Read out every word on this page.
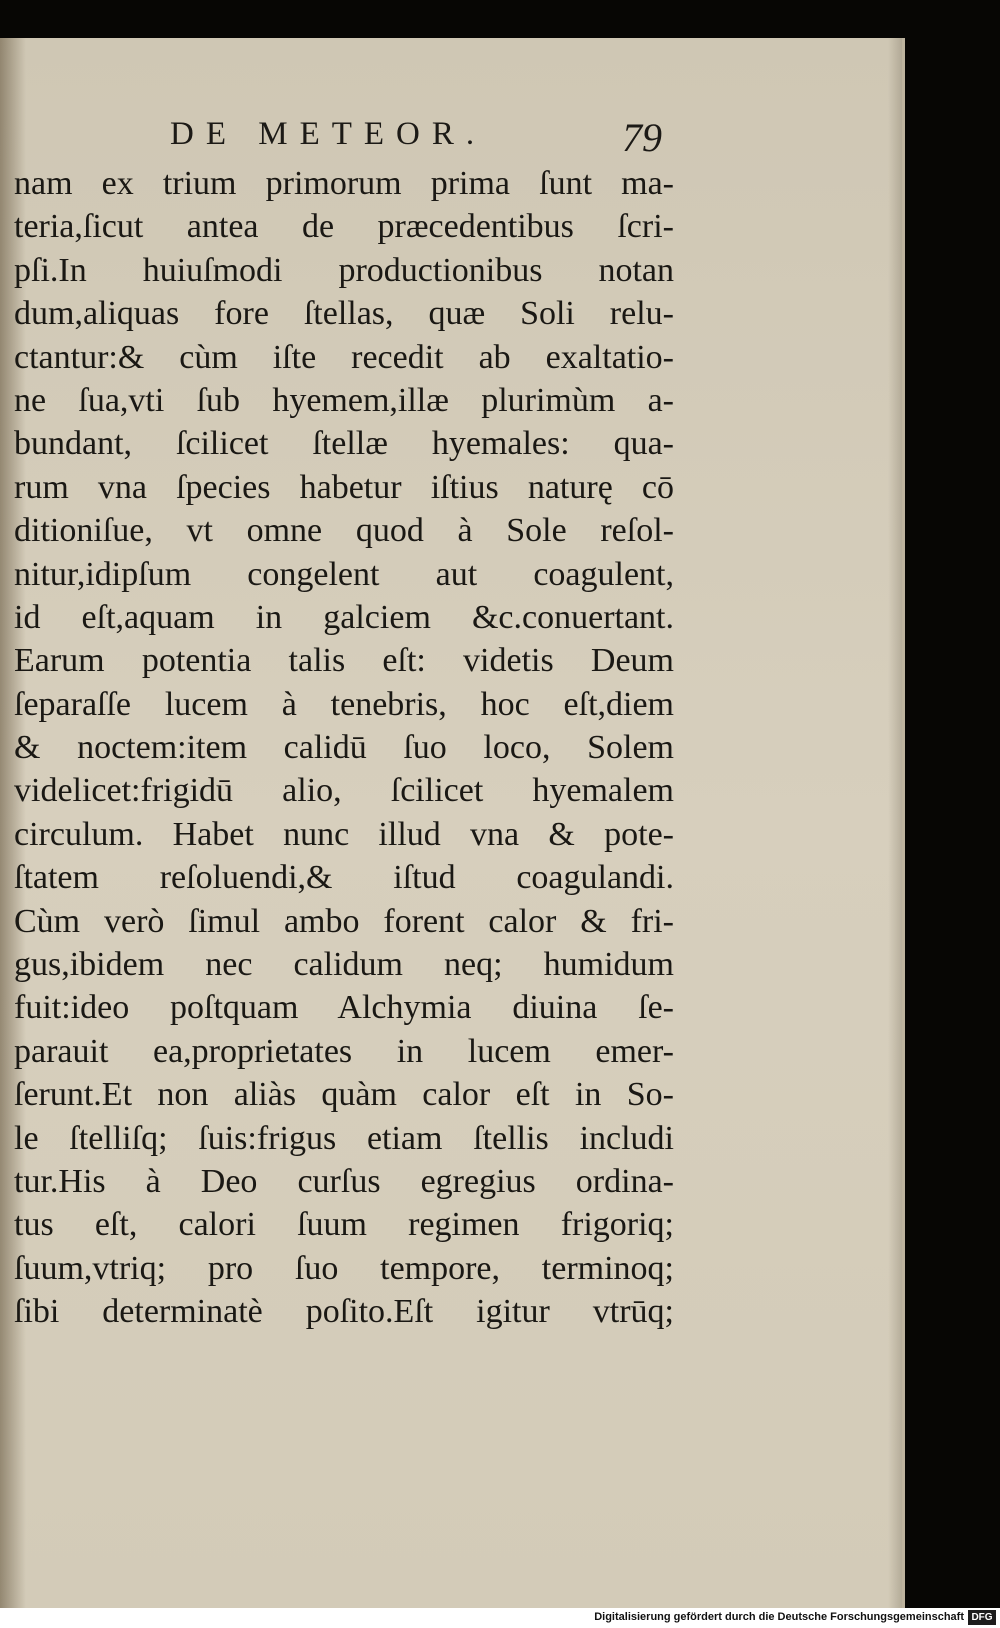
DE METEOR.	79
nam ex trium primorum prima ſunt ma-
teria,ſicut antea de præcedentibus ſcri-
pſi.In huiuſmodi productionibus notan
dum,aliquas fore ſtellas, quæ Soli relu-
ctantur:& cùm iſte recedit ab exaltatio-
ne ſua,vti ſub hyemem,illæ plurimùm a-
bundant, ſcilicet ſtellæ hyemales: qua-
rum vna ſpecies habetur iſtius naturę cō
ditioniſue, vt omne quod à Sole reſol-
nitur,idipſum congelent aut coagulent,
id eſt,aquam in galciem &c.conuertant.
Earum potentia talis eſt: videtis Deum
ſeparaſſe lucem à tenebris, hoc eſt,diem
& noctem:item calidū ſuo loco, Solem
videlicet:frigidū alio, ſcilicet hyemalem
circulum. Habet nunc illud vna & pote-
ſtatem reſoluendi,& iſtud coagulandi.
Cùm verò ſimul ambo forent calor & fri-
gus,ibidem nec calidum neq; humidum
fuit:ideo poſtquam Alchymia diuina ſe-
parauit ea,proprietates in lucem emer-
ſerunt.Et non aliàs quàm calor eſt in So-
le ſtelliſq; ſuis:frigus etiam ſtellis includi
tur.His à Deo curſus egregius ordina-
tus eſt, calori ſuum regimen frigoriq;
ſuum,vtriq; pro ſuo tempore, terminoq;
ſibi determinatè poſito.Eſt igitur vtrūq;
Digitalisierung gefördert durch die Deutsche Forschungsgemeinschaft DFG
